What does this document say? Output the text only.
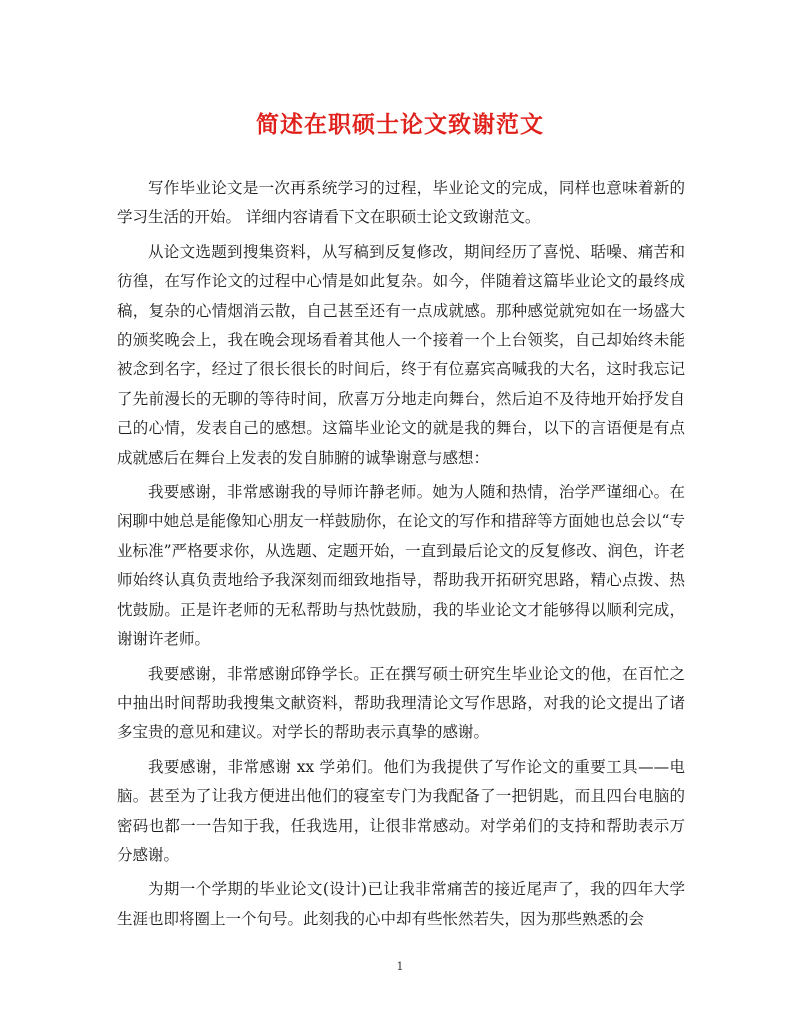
简述在职硕士论文致谢范文

写作毕业论文是一次再系统学习的过程，毕业论文的完成，同样也意味着新的学习生活的开始。 详细内容请看下文在职硕士论文致谢范文。

从论文选题到搜集资料，从写稿到反复修改，期间经历了喜悦、聒噪、痛苦和彷徨，在写作论文的过程中心情是如此复杂。如今，伴随着这篇毕业论文的最终成稿，复杂的心情烟消云散，自己甚至还有一点成就感。那种感觉就宛如在一场盛大的颁奖晚会上，我在晚会现场看着其他人一个接着一个上台领奖，自己却始终未能被念到名字，经过了很长很长的时间后，终于有位嘉宾高喊我的大名，这时我忘记了先前漫长的无聊的等待时间，欣喜万分地走向舞台，然后迫不及待地开始抒发自己的心情，发表自己的感想。这篇毕业论文的就是我的舞台，以下的言语便是有点成就感后在舞台上发表的发自肺腑的诚挚谢意与感想：

我要感谢，非常感谢我的导师许静老师。她为人随和热情，治学严谨细心。在闲聊中她总是能像知心朋友一样鼓励你，在论文的写作和措辞等方面她也总会以“专业标准”严格要求你，从选题、定题开始，一直到最后论文的反复修改、润色，许老师始终认真负责地给予我深刻而细致地指导，帮助我开拓研究思路，精心点拨、热忱鼓励。正是许老师的无私帮助与热忱鼓励，我的毕业论文才能够得以顺利完成，谢谢许老师。

我要感谢，非常感谢邱铮学长。正在撰写硕士研究生毕业论文的他，在百忙之中抽出时间帮助我搜集文献资料，帮助我理清论文写作思路，对我的论文提出了诸多宝贵的意见和建议。对学长的帮助表示真挚的感谢。

我要感谢，非常感谢 xx 学弟们。他们为我提供了写作论文的重要工具——电脑。甚至为了让我方便进出他们的寝室专门为我配备了一把钥匙，而且四台电脑的密码也都一一告知于我，任我选用，让很非常感动。对学弟们的支持和帮助表示万分感谢。

为期一个学期的毕业论文(设计)已让我非常痛苦的接近尾声了，我的四年大学生涯也即将圈上一个句号。此刻我的心中却有些怅然若失，因为那些熟悉的会

1
